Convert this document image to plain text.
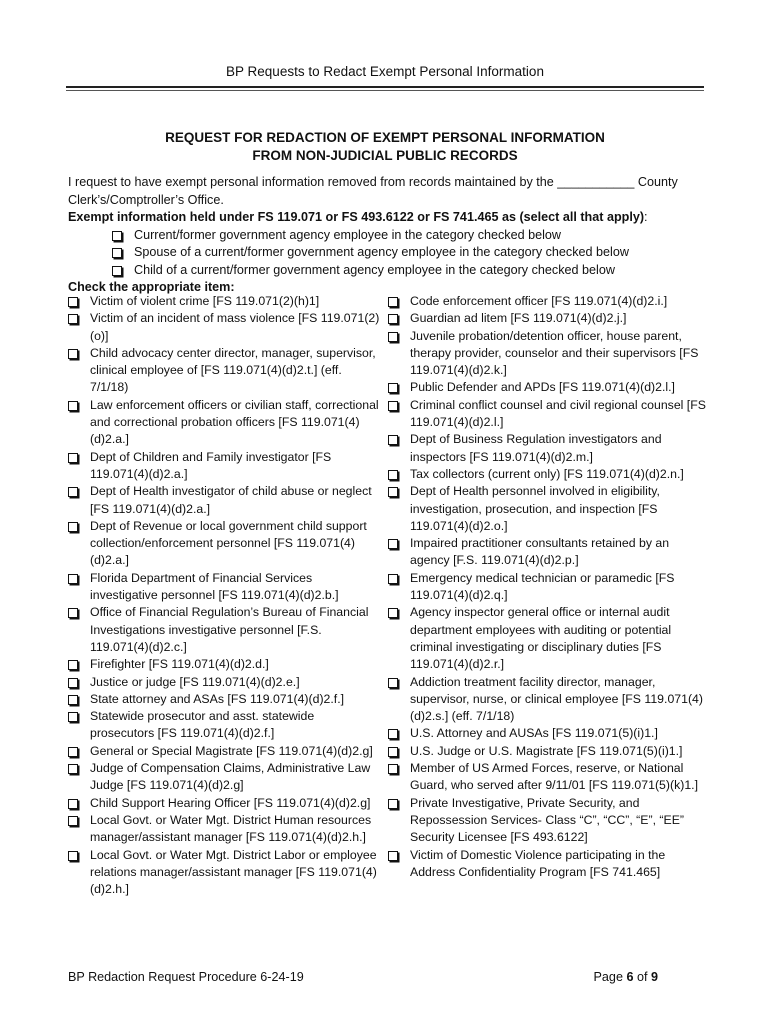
BP Requests to Redact Exempt Personal Information
REQUEST FOR REDACTION OF EXEMPT PERSONAL INFORMATION
FROM NON-JUDICIAL PUBLIC RECORDS
I request to have exempt personal information removed from records maintained by the ___________ County Clerk’s/Comptroller’s Office.
Exempt information held under FS 119.071 or FS 493.6122 or FS 741.465 as (select all that apply):
Current/former government agency employee in the category checked below
Spouse of a current/former government agency employee in the category checked below
Child of a current/former government agency employee in the category checked below
Check the appropriate item:
Victim of violent crime [FS 119.071(2)(h)1]
Victim of an incident of mass violence [FS 119.071(2)(o)]
Child advocacy center director, manager, supervisor, clinical employee of [FS 119.071(4)(d)2.t.] (eff. 7/1/18)
Law enforcement officers or civilian staff, correctional and correctional probation officers [FS 119.071(4)(d)2.a.]
Dept of Children and Family investigator [FS 119.071(4)(d)2.a.]
Dept of Health investigator of child abuse or neglect [FS 119.071(4)(d)2.a.]
Dept of Revenue or local government child support collection/enforcement personnel [FS 119.071(4)(d)2.a.]
Florida Department of Financial Services investigative personnel [FS 119.071(4)(d)2.b.]
Office of Financial Regulation’s Bureau of Financial Investigations investigative personnel [F.S. 119.071(4)(d)2.c.]
Firefighter [FS 119.071(4)(d)2.d.]
Justice or judge [FS 119.071(4)(d)2.e.]
State attorney and ASAs [FS 119.071(4)(d)2.f.]
Statewide prosecutor and asst. statewide prosecutors [FS 119.071(4)(d)2.f.]
General or Special Magistrate [FS 119.071(4)(d)2.g]
Judge of Compensation Claims, Administrative Law Judge [FS 119.071(4)(d)2.g]
Child Support Hearing Officer [FS 119.071(4)(d)2.g]
Local Govt. or Water Mgt. District Human resources manager/assistant manager [FS 119.071(4)(d)2.h.]
Local Govt. or Water Mgt. District Labor or employee relations manager/assistant manager [FS 119.071(4)(d)2.h.]
Code enforcement officer [FS 119.071(4)(d)2.i.]
Guardian ad litem [FS 119.071(4)(d)2.j.]
Juvenile probation/detention officer, house parent, therapy provider, counselor and their supervisors [FS 119.071(4)(d)2.k.]
Public Defender and APDs [FS 119.071(4)(d)2.l.]
Criminal conflict counsel and civil regional counsel [FS 119.071(4)(d)2.l.]
Dept of Business Regulation investigators and inspectors [FS 119.071(4)(d)2.m.]
Tax collectors (current only) [FS 119.071(4)(d)2.n.]
Dept of Health personnel involved in eligibility, investigation, prosecution, and inspection [FS 119.071(4)(d)2.o.]
Impaired practitioner consultants retained by an agency [F.S. 119.071(4)(d)2.p.]
Emergency medical technician or paramedic [FS 119.071(4)(d)2.q.]
Agency inspector general office or internal audit department employees with auditing or potential criminal investigating or disciplinary duties [FS 119.071(4)(d)2.r.]
Addiction treatment facility director, manager, supervisor, nurse, or clinical employee [FS 119.071(4)(d)2.s.] (eff. 7/1/18)
U.S. Attorney and AUSAs [FS 119.071(5)(i)1.]
U.S. Judge or U.S. Magistrate [FS 119.071(5)(i)1.]
Member of US Armed Forces, reserve, or National Guard, who served after 9/11/01 [FS 119.071(5)(k)1.]
Private Investigative, Private Security, and Repossession Services- Class “C”, “CC”, “E”, “EE” Security Licensee [FS 493.6122]
Victim of Domestic Violence participating in the Address Confidentiality Program [FS 741.465]
BP Redaction Request Procedure 6-24-19	Page 6 of 9
